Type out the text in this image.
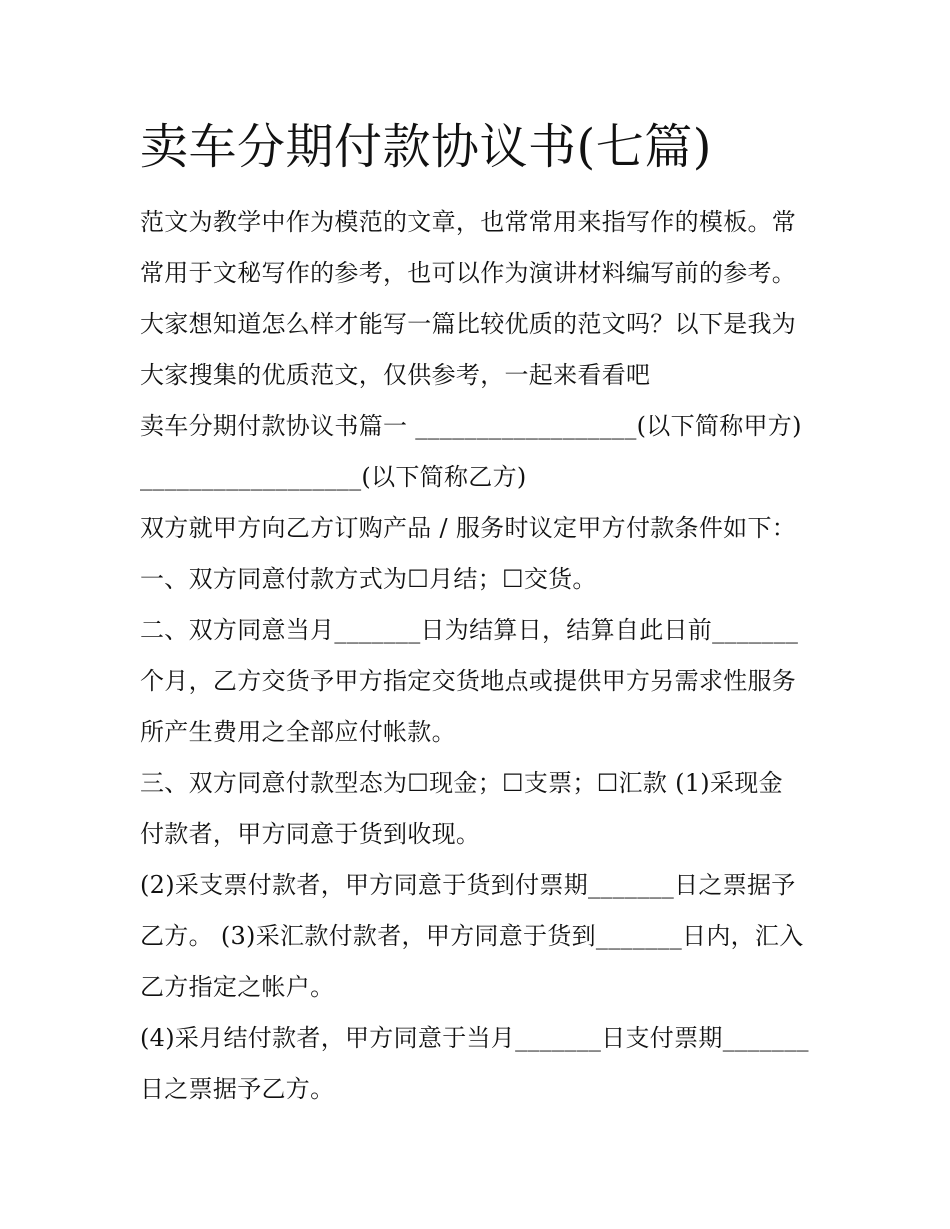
卖车分期付款协议书(七篇)
范文为教学中作为模范的文章，也常常用来指写作的模板。常
常用于文秘写作的参考，也可以作为演讲材料编写前的参考。
大家想知道怎么样才能写一篇比较优质的范文吗？以下是我为
大家搜集的优质范文，仅供参考，一起来看看吧
卖车分期付款协议书篇一 __________________(以下简称甲方)
__________________(以下简称乙方)
双方就甲方向乙方订购产品 / 服务时议定甲方付款条件如下：
一、双方同意付款方式为☐月结；☐交货。
二、双方同意当月_______日为结算日，结算自此日前_______
个月，乙方交货予甲方指定交货地点或提供甲方另需求性服务
所产生费用之全部应付帐款。
三、双方同意付款型态为☐现金；☐支票；☐汇款 (1)采现金
付款者，甲方同意于货到收现。
(2)采支票付款者，甲方同意于货到付票期_______日之票据予
乙方。 (3)采汇款付款者，甲方同意于货到_______日内，汇入
乙方指定之帐户。
(4)采月结付款者，甲方同意于当月_______日支付票期_______
日之票据予乙方。
